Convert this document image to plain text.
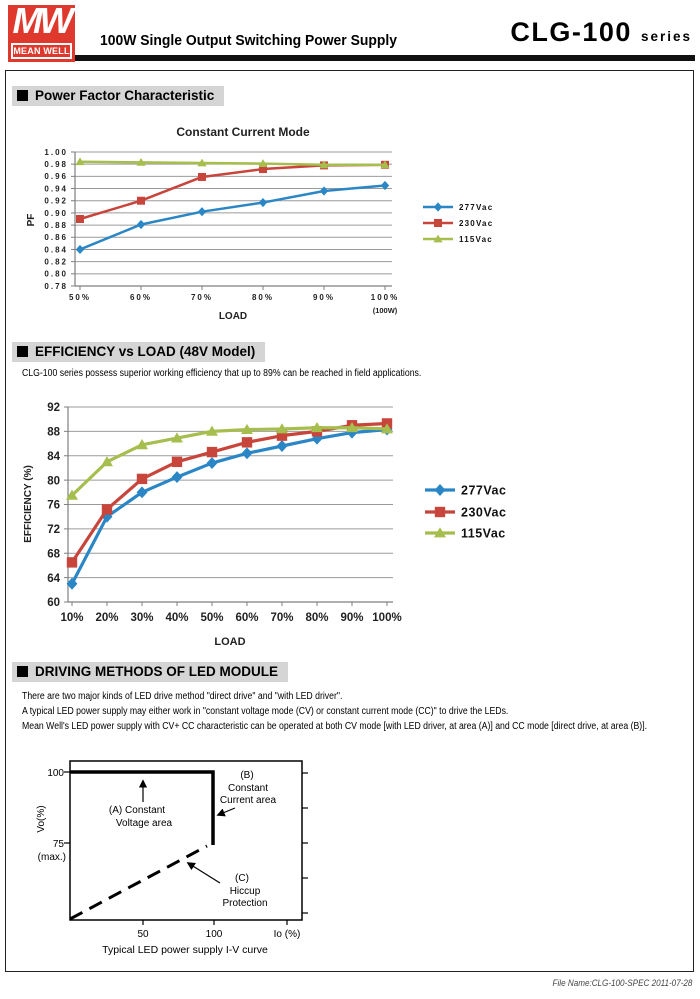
MW
MEAN WELL
100W Single Output Switching Power Supply	CLG-100 series
Power Factor Characteristic
0.78
0.80
0.82
0.84
0.86
0.88
0.90
0.92
0.94
0.96
0.98
1.00
50%	60%	70%	80%	90%	100%
(100W)
LOAD
PF
Constant Current Mode
277Vac
230Vac
115Vac
EFFICIENCY vs LOAD (48V Model)
CLG-100 series possess superior working efficiency that up to 89% can be reached in field applications.
60
64
68
72
76
80
84
88
92
10% 20% 30% 40% 50% 60% 70% 80% 90% 100%
LOAD
EFFICIENCY (%)	277Vac
230Vac
115Vac
DRIVING METHODS OF LED MODULE
There are two major kinds of LED drive method "direct drive" and "with LED driver".
A typical LED power supply may either work in "constant voltage mode (CV) or constant current mode (CC)" to drive the LEDs.
Mean Well's LED power supply with CV+ CC characteristic can be operated at both CV mode [with LED driver, at area (A)] and CC mode [direct drive, at area (B)].
100
75
(max.)
Vo(%)
50	100	Io (%)
(A) Constant
Voltage area
(B)
Constant
Current area
(C)
Hiccup
Protection
Typical LED power supply I-V curve
File Name:CLG-100-SPEC 2011-07-28
